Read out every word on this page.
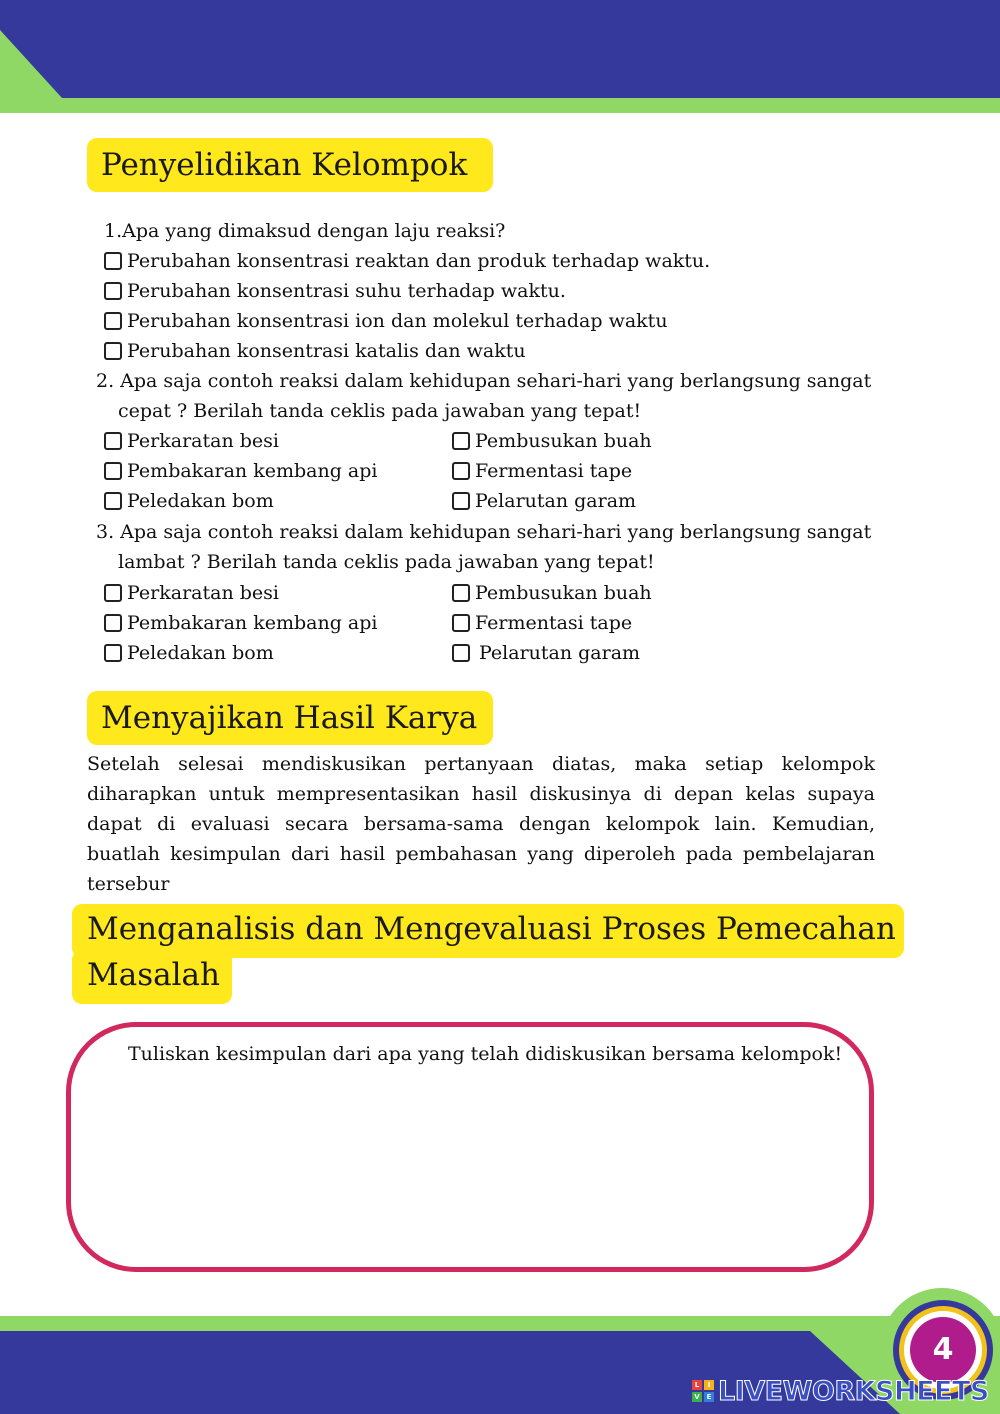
Penyelidikan Kelompok
1.Apa yang dimaksud dengan laju reaksi?
Perubahan konsentrasi reaktan dan produk terhadap waktu.
Perubahan konsentrasi suhu terhadap waktu.
Perubahan konsentrasi ion dan molekul terhadap waktu
Perubahan konsentrasi katalis dan waktu
2. Apa saja contoh reaksi dalam kehidupan sehari-hari yang berlangsung sangat
cepat ? Berilah tanda ceklis pada jawaban yang tepat!
Perkaratan besi
Pembakaran kembang api
Peledakan bom
Pembusukan buah
Fermentasi tape
Pelarutan garam
3. Apa saja contoh reaksi dalam kehidupan sehari-hari yang berlangsung sangat
lambat ? Berilah tanda ceklis pada jawaban yang tepat!
Perkaratan besi
Pembakaran kembang api
Peledakan bom
Pembusukan buah
Fermentasi tape
Pelarutan garam
Menyajikan Hasil Karya
Setelah selesai mendiskusikan pertanyaan diatas, maka setiap kelompok diharapkan untuk mempresentasikan hasil diskusinya di depan kelas supaya dapat di evaluasi secara bersama-sama dengan kelompok lain. Kemudian, buatlah kesimpulan dari hasil pembahasan yang diperoleh pada pembelajaran tersebur
Menganalisis dan Mengevaluasi Proses Pemecahan
Masalah
Tuliskan kesimpulan dari apa yang telah didiskusikan bersama kelompok!
4
L	I
V E LIVEWORKSHEETS
